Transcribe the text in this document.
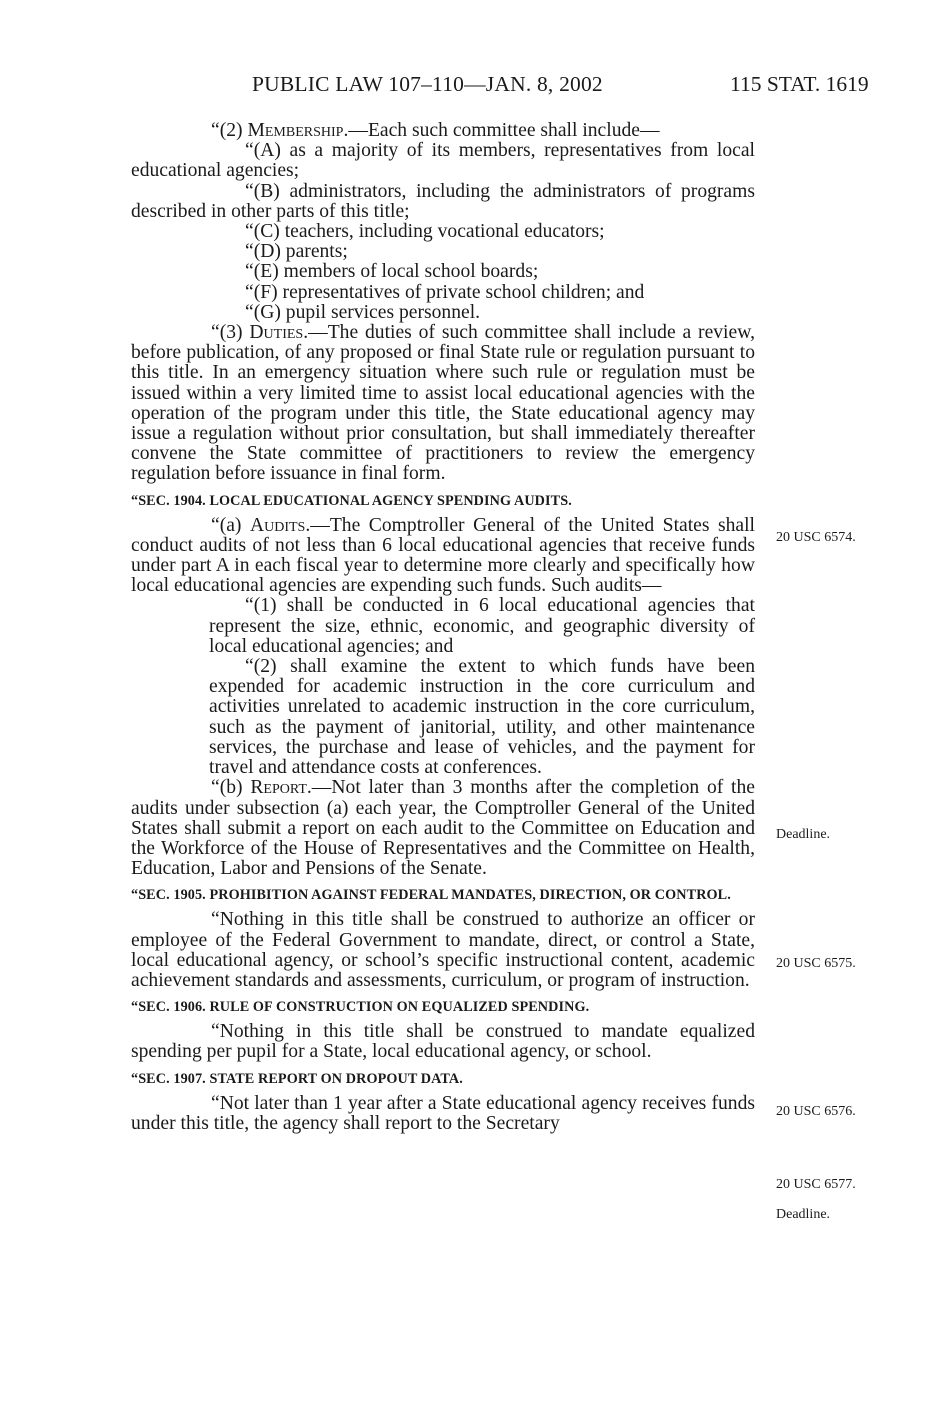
PUBLIC LAW 107–110—JAN. 8, 2002	115 STAT. 1619

“(2) Membership.—Each such committee shall include—

“(A) as a majority of its members, representatives from local educational agencies;

“(B) administrators, including the administrators of programs described in other parts of this title;

“(C) teachers, including vocational educators;

“(D) parents;

“(E) members of local school boards;

“(F) representatives of private school children; and

“(G) pupil services personnel.

“(3) Duties.—The duties of such committee shall include a review, before publication, of any proposed or final State rule or regulation pursuant to this title. In an emergency situation where such rule or regulation must be issued within a very limited time to assist local educational agencies with the operation of the program under this title, the State educational agency may issue a regulation without prior consultation, but shall immediately thereafter convene the State committee of practitioners to review the emergency regulation before issuance in final form.

“SEC. 1904. LOCAL EDUCATIONAL AGENCY SPENDING AUDITS.

“(a) Audits.—The Comptroller General of the United States shall conduct audits of not less than 6 local educational agencies that receive funds under part A in each fiscal year to determine more clearly and specifically how local educational agencies are expending such funds. Such audits—

“(1) shall be conducted in 6 local educational agencies that represent the size, ethnic, economic, and geographic diversity of local educational agencies; and

“(2) shall examine the extent to which funds have been expended for academic instruction in the core curriculum and activities unrelated to academic instruction in the core curriculum, such as the payment of janitorial, utility, and other maintenance services, the purchase and lease of vehicles, and the payment for travel and attendance costs at conferences.

“(b) Report.—Not later than 3 months after the completion of the audits under subsection (a) each year, the Comptroller General of the United States shall submit a report on each audit to the Committee on Education and the Workforce of the House of Representatives and the Committee on Health, Education, Labor and Pensions of the Senate.

“SEC. 1905. PROHIBITION AGAINST FEDERAL MANDATES, DIRECTION, OR CONTROL.

“Nothing in this title shall be construed to authorize an officer or employee of the Federal Government to mandate, direct, or control a State, local educational agency, or school’s specific instructional content, academic achievement standards and assessments, curriculum, or program of instruction.

“SEC. 1906. RULE OF CONSTRUCTION ON EQUALIZED SPENDING.

“Nothing in this title shall be construed to mandate equalized spending per pupil for a State, local educational agency, or school.

“SEC. 1907. STATE REPORT ON DROPOUT DATA.

“Not later than 1 year after a State educational agency receives funds under this title, the agency shall report to the Secretary

20 USC 6574.
Deadline.
20 USC 6575.
20 USC 6576.
20 USC 6577.
Deadline.
